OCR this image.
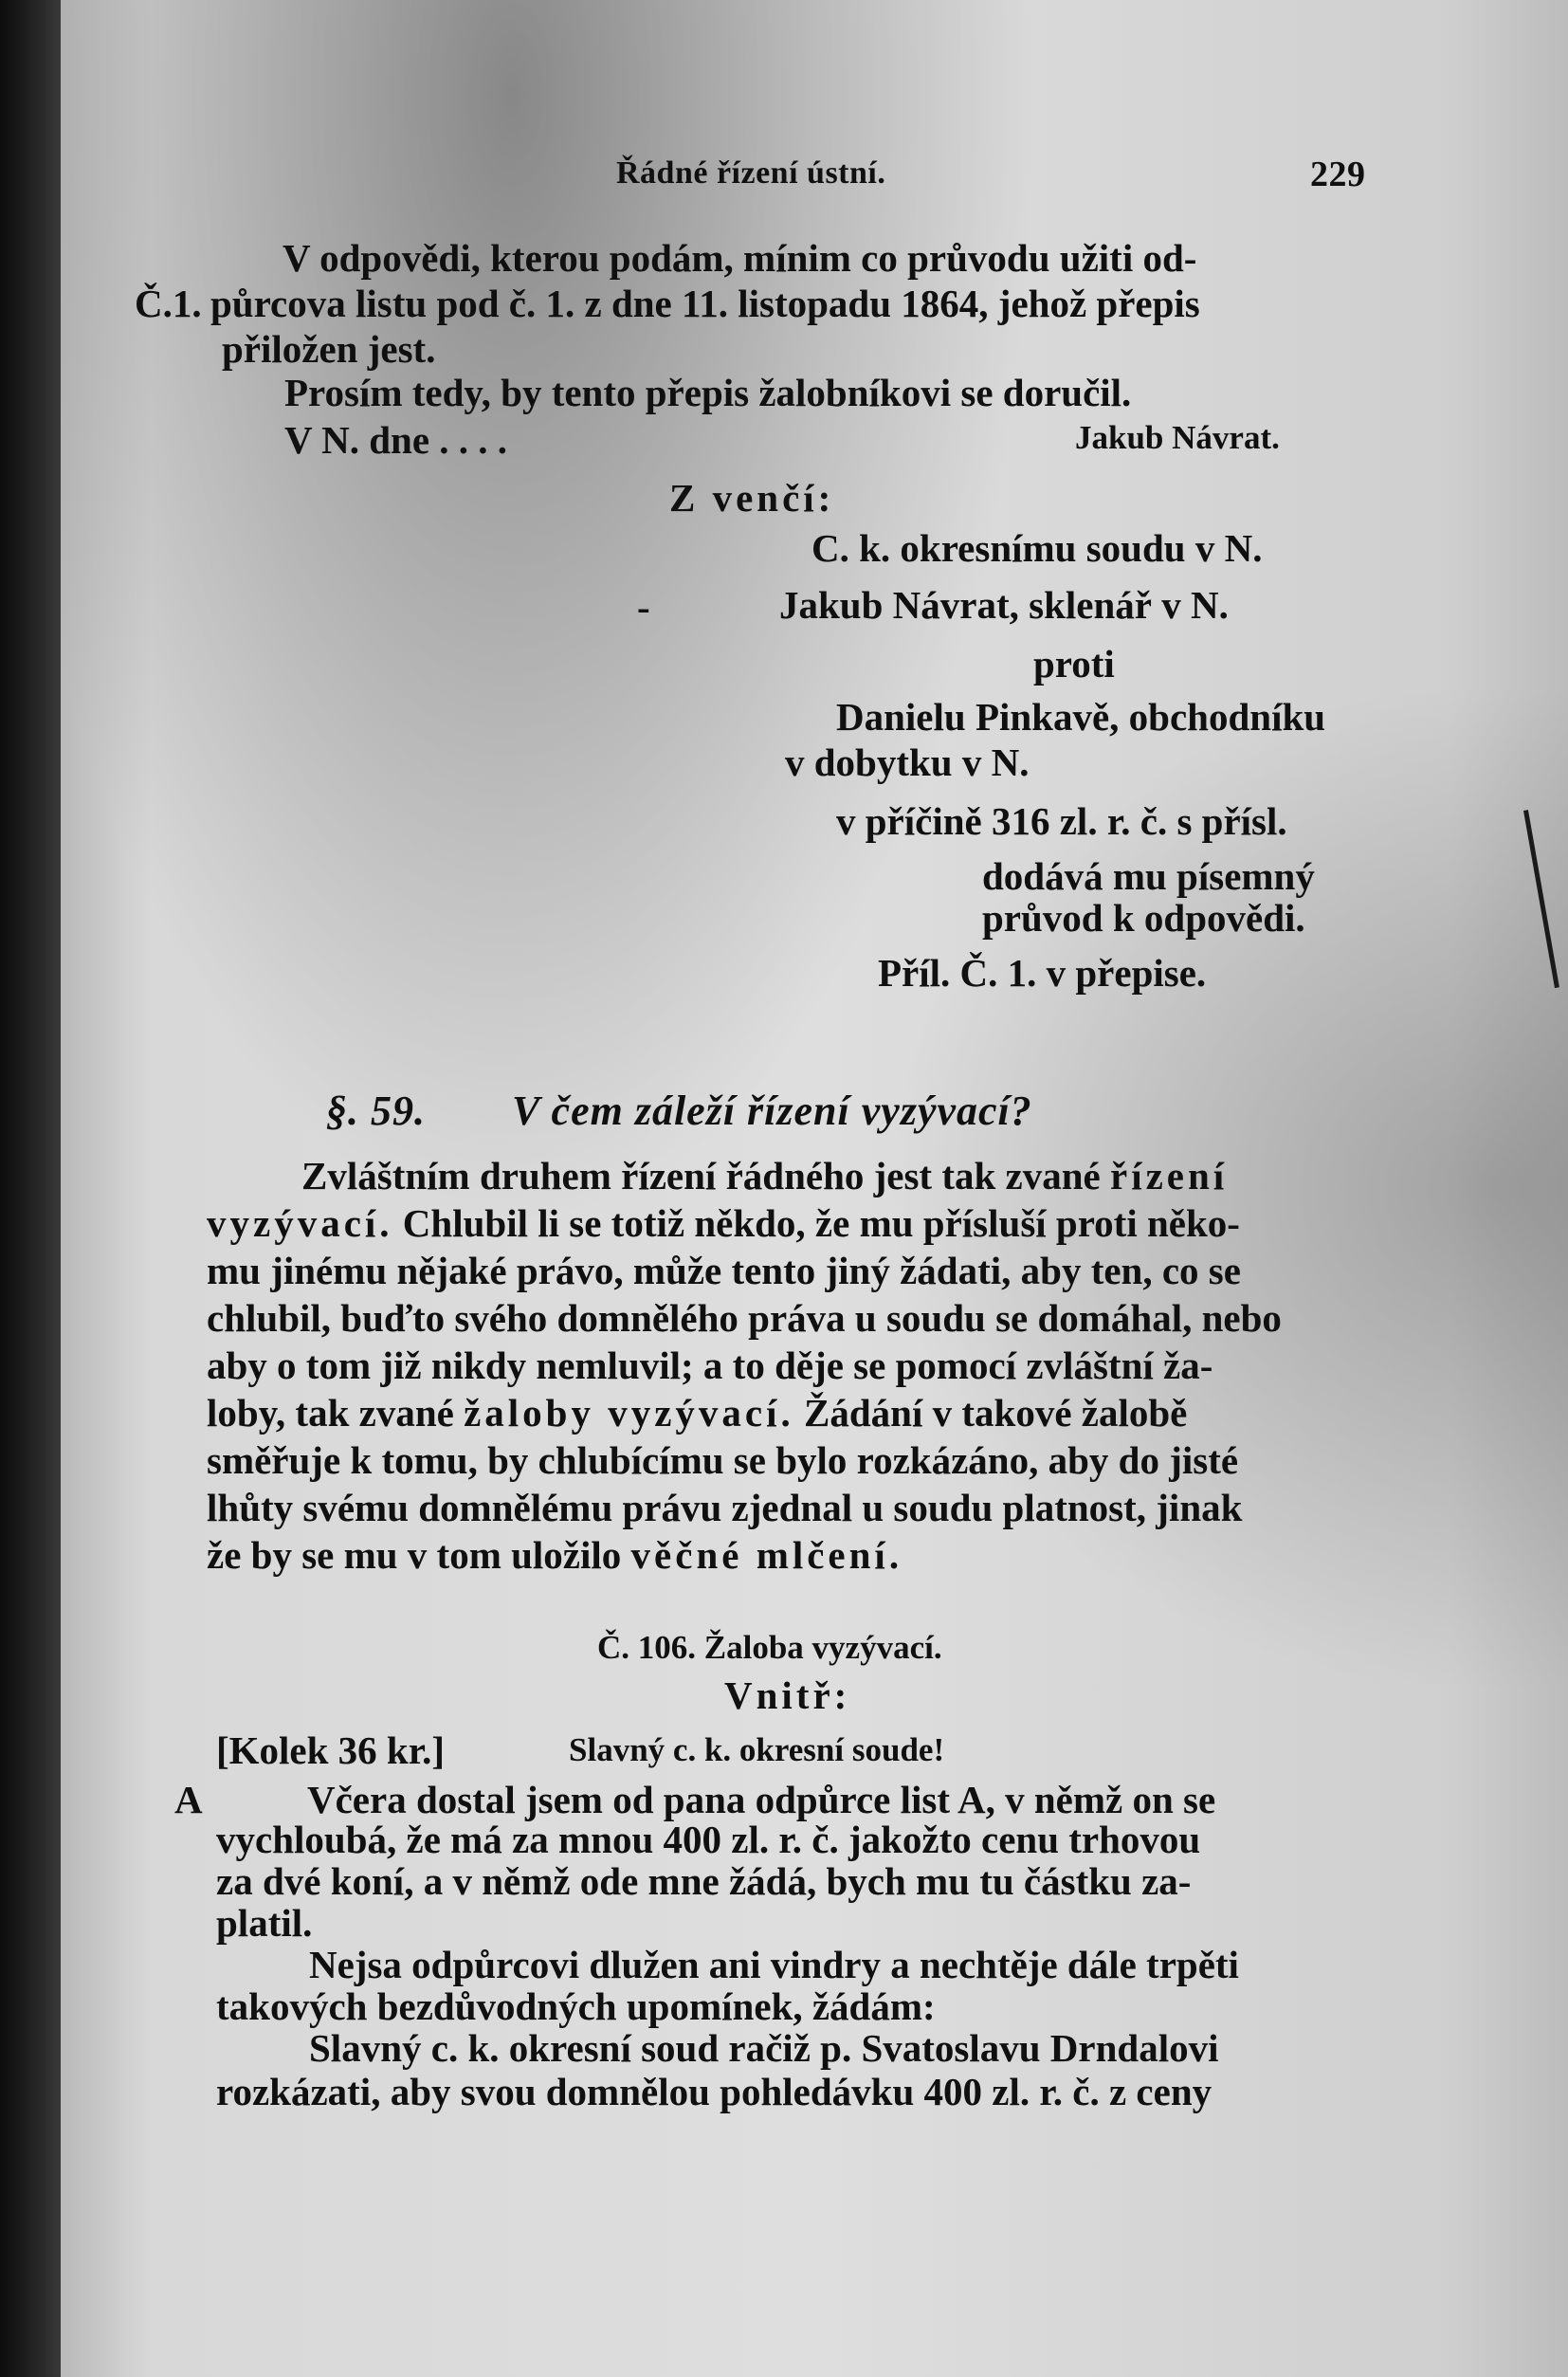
Řádné řízení ústní.	229
V odpovědi, kterou podám, mínim co průvodu užiti od-
Č.1. půrcova listu pod č. 1. z dne 11. listopadu 1864, jehož přepis
přiložen jest.
Prosím tedy, by tento přepis žalobníkovi se doručil.
V N. dne . . . .	Jakub Návrat.
Z venčí:
C. k. okresnímu soudu v N.
-	Jakub Návrat, sklenář v N.
proti
Danielu Pinkavě, obchodníku
v dobytku v N.
v příčině 316 zl. r. č. s přísl.
dodává mu písemný
průvod k odpovědi.
Příl. Č. 1. v přepise.
§. 59. V čem záleží řízení vyzývací?
Zvláštním druhem řízení řádného jest tak zvané řízení
vyzývací. Chlubil li se totiž někdo, že mu přísluší proti něko-
mu jinému nějaké právo, může tento jiný žádati, aby ten, co se
chlubil, buďto svého domnělého práva u soudu se domáhal, nebo
aby o tom již nikdy nemluvil; a to děje se pomocí zvláštní ža-
loby, tak zvané žaloby vyzývací. Žádání v takové žalobě
směřuje k tomu, by chlubícímu se bylo rozkázáno, aby do jisté
lhůty svému domnělému právu zjednal u soudu platnost, jinak
že by se mu v tom uložilo věčné mlčení.
Č. 106. Žaloba vyzývací.
Vnitř:
[Kolek 36 kr.]	Slavný c. k. okresní soude!
A	Včera dostal jsem od pana odpůrce list A, v němž on se
vychloubá, že má za mnou 400 zl. r. č. jakožto cenu trhovou
za dvé koní, a v němž ode mne žádá, bych mu tu částku za-
platil.
Nejsa odpůrcovi dlužen ani vindry a nechtěje dále trpěti
takových bezdůvodných upomínek, žádám:
Slavný c. k. okresní soud račiž p. Svatoslavu Drndalovi
rozkázati, aby svou domnělou pohledávku 400 zl. r. č. z ceny
